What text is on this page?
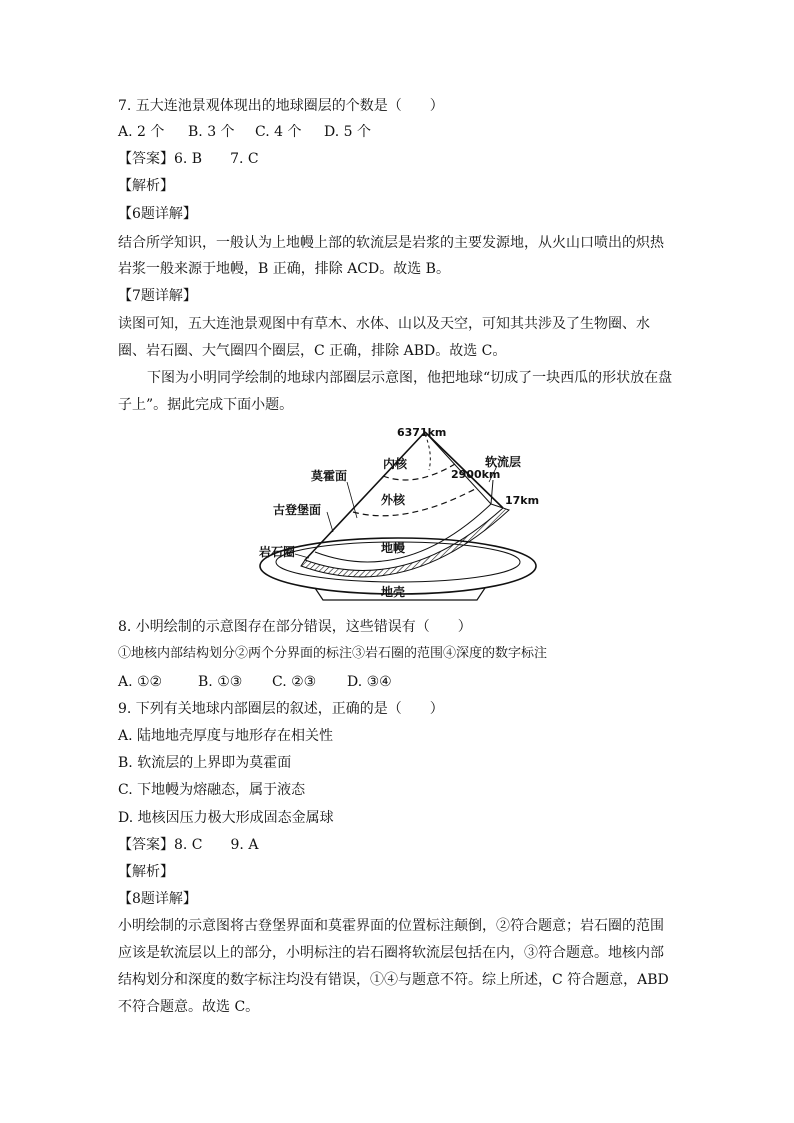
7. 五大连池景观体现出的地球圈层的个数是（　　）
A. 2 个 B. 3 个 C. 4 个 D. 5 个
【答案】6. B　　7. C
【解析】
【6题详解】
结合所学知识，一般认为上地幔上部的软流层是岩浆的主要发源地，从火山口喷出的炽热
岩浆一般来源于地幔，B 正确，排除 ACD。故选 B。
【7题详解】
读图可知，五大连池景观图中有草木、水体、山以及天空，可知其共涉及了生物圈、水
圈、岩石圈、大气圈四个圈层，C 正确，排除 ABD。故选 C。
下图为小明同学绘制的地球内部圈层示意图，他把地球“切成了一块西瓜的形状放在盘
子上”。据此完成下面小题。
6371km
内核
莫霍面	2900km
软流层
外核	17km
古登堡面
岩石圈	地幔
地壳
8. 小明绘制的示意图存在部分错误，这些错误有（　　）
①地核内部结构划分②两个分界面的标注③岩石圈的范围④深度的数字标注
A. ①②	B. ①③ C. ②③ D. ③④
9. 下列有关地球内部圈层的叙述，正确的是（　　）
A. 陆地地壳厚度与地形存在相关性
B. 软流层的上界即为莫霍面
C. 下地幔为熔融态，属于液态
D. 地核因压力极大形成固态金属球
【答案】8. C　　9. A
【解析】
【8题详解】
小明绘制的示意图将古登堡界面和莫霍界面的位置标注颠倒，②符合题意；岩石圈的范围
应该是软流层以上的部分，小明标注的岩石圈将软流层包括在内，③符合题意。地核内部
结构划分和深度的数字标注均没有错误，①④与题意不符。综上所述，C 符合题意，ABD
不符合题意。故选 C。
